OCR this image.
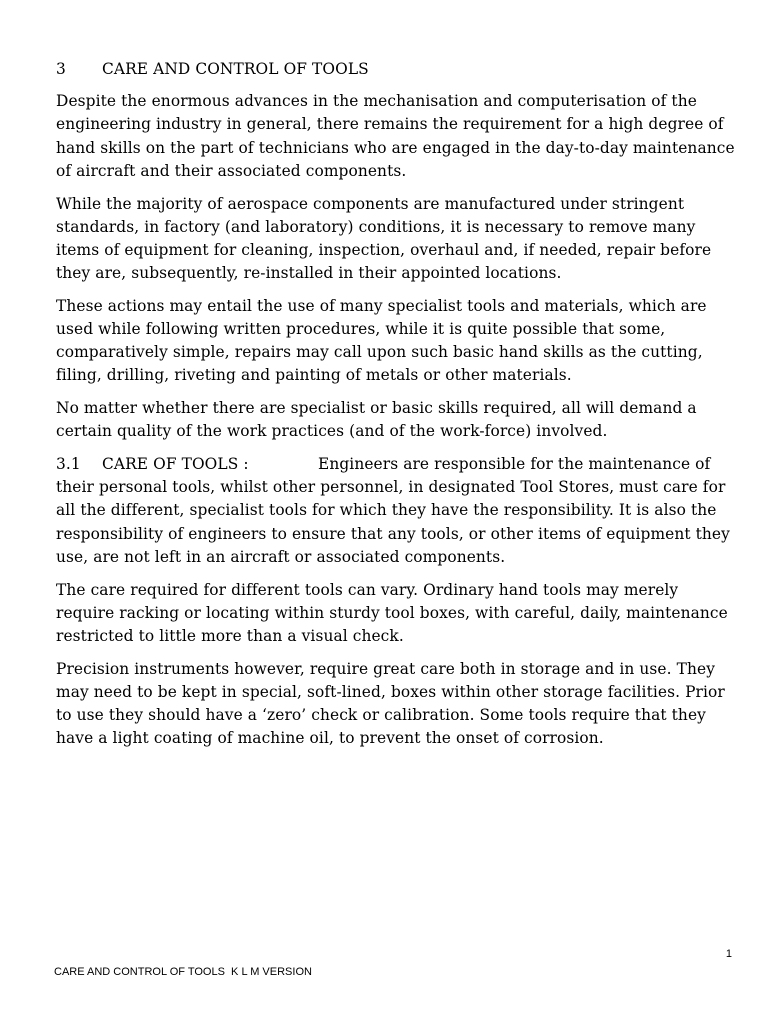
3 CARE AND CONTROL OF TOOLS

Despite the enormous advances in the mechanisation and computerisation of the engineering industry in general, there remains the requirement for a high degree of hand skills on the part of technicians who are engaged in the day-to-day maintenance of aircraft and their associated components.

While the majority of aerospace components are manufactured under stringent standards, in factory (and laboratory) conditions, it is necessary to remove many items of equipment for cleaning, inspection, overhaul and, if needed, repair before they are, subsequently, re-installed in their appointed locations.

These actions may entail the use of many specialist tools and materials, which are used while following written procedures, while it is quite possible that some, comparatively simple, repairs may call upon such basic hand skills as the cutting, filing, drilling, riveting and painting of metals or other materials.

No matter whether there are specialist or basic skills required, all will demand a certain quality of the work practices (and of the work-force) involved.

3.1 CARE OF TOOLS :	Engineers are responsible for the maintenance of their personal tools, whilst other personnel, in designated Tool Stores, must care for all the different, specialist tools for which they have the responsibility. It is also the responsibility of engineers to ensure that any tools, or other items of equipment they use, are not left in an aircraft or associated components.

The care required for different tools can vary. Ordinary hand tools may merely require racking or locating within sturdy tool boxes, with careful, daily, maintenance restricted to little more than a visual check.

Precision instruments however, require great care both in storage and in use. They may need to be kept in special, soft-lined, boxes within other storage facilities. Prior to use they should have a ‘zero’ check or calibration. Some tools require that they have a light coating of machine oil, to prevent the onset of corrosion.

1
CARE AND CONTROL OF TOOLS  K L M VERSION
